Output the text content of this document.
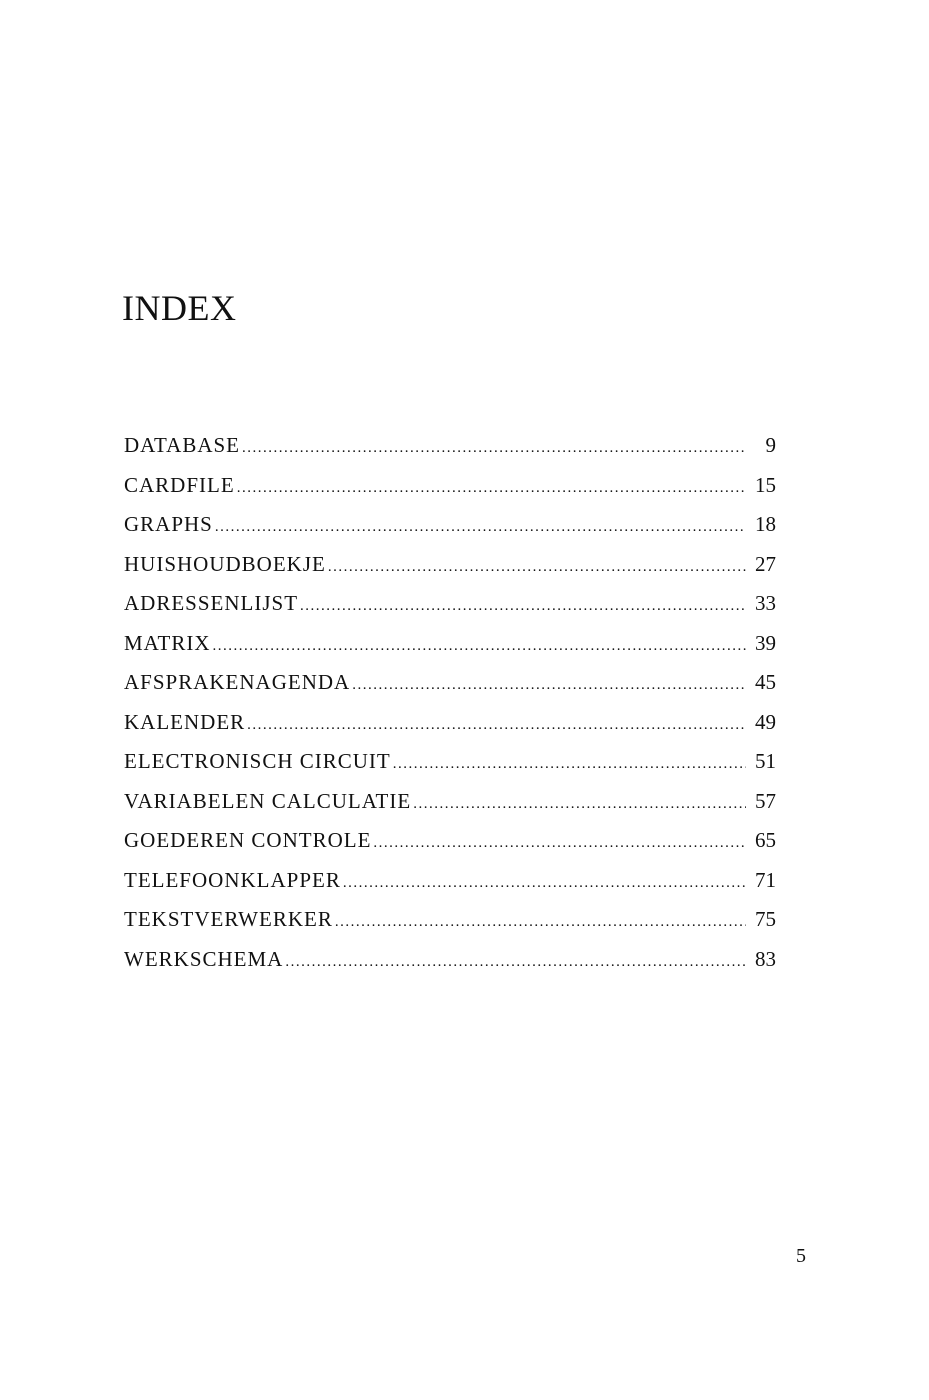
INDEX
DATABASE .....	9
CARDFILE .....	15
GRAPHS .....	18
HUISHOUDBOEKJE .....	27
ADRESSENLIJST .....	33
MATRIX .....	39
AFSPRAKENAGENDA .....	45
KALENDER .....	49
ELECTRONISCH CIRCUIT .....	51
VARIABELEN CALCULATIE .....	57
GOEDEREN CONTROLE .....	65
TELEFOONKLAPPER .....	71
TEKSTVERWERKER .....	75
WERKSCHEMA .....	83
5
